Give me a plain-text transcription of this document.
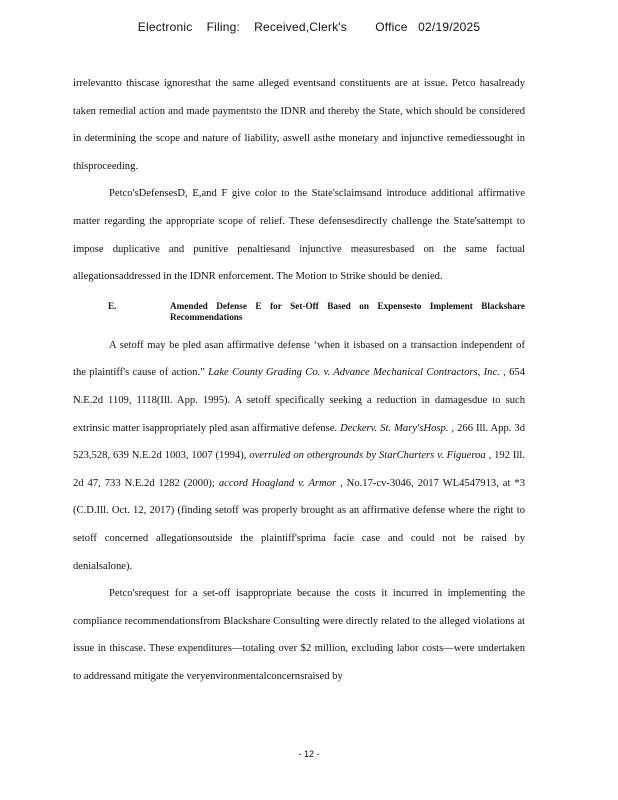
Electronic    Filing:    Received,Clerk's        Office   02/19/2025

irrelevantto thiscase ignoresthat the same alleged eventsand constituents are at issue. Petco hasalready taken remedial action and made paymentsto the IDNR and thereby the State, which should be considered in determining the scope and nature of liability, aswell asthe monetary and injunctive remediessought in thisproceeding.

Petco'sDefensesD, E,and F give color to the State'sclaimsand introduce additional affirmative matter regarding the appropriate scope of relief. These defensesdirectly challenge the State'sattempt to impose duplicative and punitive penaltiesand injunctive measuresbased on the same factual allegationsaddressed in the IDNR enforcement. The Motion to Strike should be denied.

E.	Amended Defense E for Set-Off Based on Expensesto Implement Blackshare Recommendations

A setoff may be pled asan affirmative defense ‘when it isbased on a transaction independent of the plaintiff's cause of action.” Lake County Grading Co. v. Advance Mechanical Contractors, Inc. , 654 N.E.2d 1109, 1118(Ill. App. 1995). A setoff specifically seeking a reduction in damagesdue to such extrinsic matter isappropriately pled asan affirmative defense. Deckerv. St. Mary'sHosp. , 266 Ill. App. 3d 523,528, 639 N.E.2d 1003, 1007 (1994), overruled on othergrounds by StarCharters v. Figueroa , 192 Ill. 2d 47, 733 N.E.2d 1282 (2000); accord Hoagland v. Armor , No.17-cv-3046, 2017 WL4547913, at *3 (C.D.Ill. Oct. 12, 2017) (finding setoff was properly brought as an affirmative defense where the right to setoff concerned allegationsoutside the plaintiff'sprima facie case and could not be raised by denialsalone).

Petco'srequest for a set-off isappropriate because the costs it incurred in implementing the compliance recommendationsfrom Blackshare Consulting were directly related to the alleged violations at issue in thiscase. These expenditures—totaling over $2 million, excluding labor costs—were undertaken to addressand mitigate the veryenvironmentalconcernsraised by

- 12 -
